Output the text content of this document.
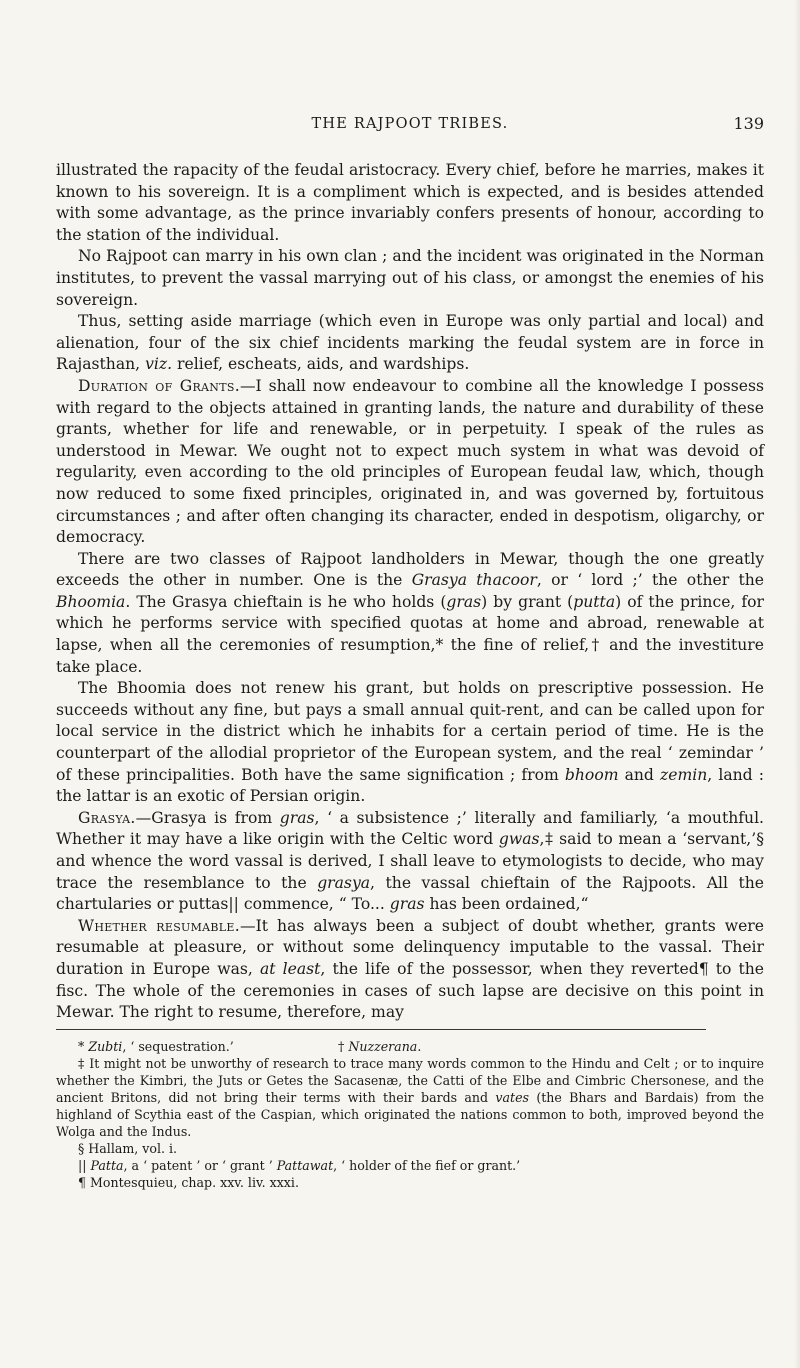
THE RAJPOOT TRIBES.	139

illustrated the rapacity of the feudal aristocracy. Every chief, before he marries, makes it known to his sovereign. It is a compliment which is expected, and is besides attended with some advantage, as the prince invariably confers presents of honour, according to the station of the individual.

No Rajpoot can marry in his own clan ; and the incident was originated in the Norman institutes, to prevent the vassal marrying out of his class, or amongst the enemies of his sovereign.

Thus, setting aside marriage (which even in Europe was only partial and local) and alienation, four of the six chief incidents marking the feudal system are in force in Rajasthan, viz. relief, escheats, aids, and wardships.

Duration of Grants.—I shall now endeavour to combine all the knowledge I possess with regard to the objects attained in granting lands, the nature and durability of these grants, whether for life and renewable, or in perpetuity. I speak of the rules as understood in Mewar. We ought not to expect much system in what was devoid of regularity, even according to the old principles of European feudal law, which, though now reduced to some fixed principles, originated in, and was governed by, fortuitous circumstances ; and after often changing its character, ended in despotism, oligarchy, or democracy.

There are two classes of Rajpoot landholders in Mewar, though the one greatly exceeds the other in number. One is the Grasya thacoor, or ‘ lord ;’ the other the Bhoomia. The Grasya chieftain is he who holds (gras) by grant (putta) of the prince, for which he performs service with specified quotas at home and abroad, renewable at lapse, when all the ceremonies of resumption,* the fine of relief,† and the investiture take place.

The Bhoomia does not renew his grant, but holds on prescriptive possession. He succeeds without any fine, but pays a small annual quit-rent, and can be called upon for local service in the district which he inhabits for a certain period of time. He is the counterpart of the allodial proprietor of the European system, and the real ‘ zemindar ’ of these principalities. Both have the same signification ; from bhoom and zemin, land : the lattar is an exotic of Persian origin.

Grasya.—Grasya is from gras, ‘ a subsistence ;’ literally and familiarly, ‘a mouthful. Whether it may have a like origin with the Celtic word gwas,‡ said to mean a ‘servant,’§ and whence the word vassal is derived, I shall leave to etymologists to decide, who may trace the resemblance to the grasya, the vassal chieftain of the Rajpoots. All the chartularies or puttas|| commence, “ To... gras has been ordained,“

Whether resumable.—It has always been a subject of doubt whether, grants were resumable at pleasure, or without some delinquency imputable to the vassal. Their duration in Europe was, at least, the life of the possessor, when they reverted¶ to the fisc. The whole of the ceremonies in cases of such lapse are decisive on this point in Mewar. The right to resume, therefore, may

* Zubti, ‘ sequestration.’	† Nuzzerana.

‡ It might not be unworthy of research to trace many words common to the Hindu and Celt ; or to inquire whether the Kimbri, the Juts or Getes the Sacasenæ, the Catti of the Elbe and Cimbric Chersonese, and the ancient Britons, did not bring their terms with their bards and vates (the Bhars and Bardais) from the highland of Scythia east of the Caspian, which originated the nations common to both, improved beyond the Wolga and the Indus.

§ Hallam, vol. i.

|| Patta, a ‘ patent ’ or ‘ grant ’ Pattawat, ‘ holder of the fief or grant.’

¶ Montesquieu, chap. xxv. liv. xxxi.
